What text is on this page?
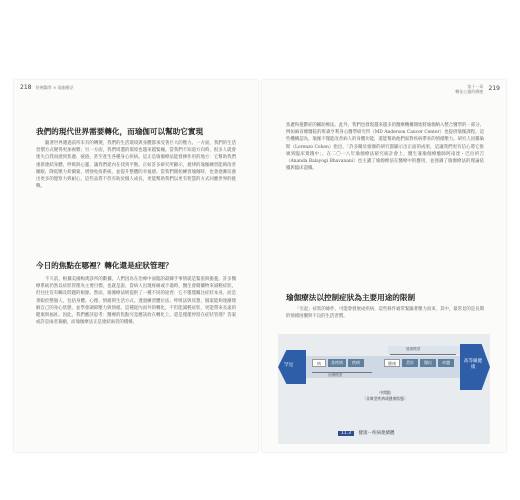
218 哈佛醫學 × 瑜伽療法
我們的現代世界需要轉化，而瑜伽可以幫助它實現

隨著世界邁過前所未有的轉變，我們的生活環境與身體都承受著巨大的壓力。一方面，我們的生活習慣方式變得更加複雜；另一方面，我們周遭的環境也越來越緊繃。當我們不知道方向時，很多人就會迷失自我而感到焦慮、疲倦，甚至產生各種身心疾病。這正是瑜伽療法能發揮作用的地方：它幫助我們重新連結身體、呼吸與心靈，讓我們從內在找到平衡。正如許多研究所顯示，規律的瑜伽練習能夠改善睡眠、降低壓力荷爾蒙、增強免疫系統，並提升整體的幸福感。當我們開始練習瑜伽時，也會逐漸培養出更多的覺察力與耐心，這些品質不但有助於個人成長，更能幫助我們以更有智慧的方式回應世界的挑戰。

今日的焦點在哪裡？轉化還是症狀管理？

不久前，根據美國梅奧診所的數據，人們因為在治療中面臨的最棘手事情就是緊張與擔憂。許多醫療系統仍然以症狀管理為主要目標，也就是說，當病人出現疼痛或不適時，醫生會開藥物來減輕症狀，但往往沒有觸及問題的根源。然而，瑜伽療法則提供了一種不同的途徑：它不僅僅關注症狀本身，而是著眼於整個人，包括身體、心理、情緒與生活方式。透過練習體位法、呼吸法與冥想，個案能夠逐漸理解自己的身心狀態，並學會調節壓力與情緒。這種從內而外的轉化，不但能減輕症狀，更能帶來長遠的健康與福祉。因此，我們應該思考：醫療的焦點究竟應該放在轉化上，還是僅僅停留在症狀管理？答案或許是兩者兼顧，而瑜伽療法正是連結兩者的橋樑。

第十一章
轉化心靈的療癒 219

焦慮和憂鬱症的輔助療法。此外，我們也發現越來越多的醫療機構開始將瑜伽納入整合醫學的一部分，例如麻省總醫院的班森亨利身心醫學研究所（MD Anderson Cancer Center）也提供瑜伽課程。這些機構認為，瑜伽不僅能改善病人的身體功能，還能幫助他們面對疾病帶來的情緒壓力。研究人員羅倫斯（Lorenzo Cohen）指出，「許多關於瑜伽的研究都顯示出正面的成果，這讓我們更有信心將它推廣到臨床實踐中」。在二〇一八年瑜伽療法研究統計會上，醫生兼瑜伽療癒師阿南達・巴拉約吉（Ananda Balayogi Bhavanani）也主講了瑜伽療法在醫療中的應用，並強調了瑜伽療法的理論依據與臨床證據。

瑜伽療法以控制症狀為主要用途的限制

「引起」症狀的條件，可能會發展成疾病，這些條件通常緊隨著壓力而來，其中，最常見的是長期的情緒困擾與不良的生活習慣。

罕見
高等級健康
健康模型
病	非疾病	疾病	健康	美好	傑出	卓越
治療模型
中間點
〔非典型疾病或健康狀態〕
11.3 健康－疾病連續體
